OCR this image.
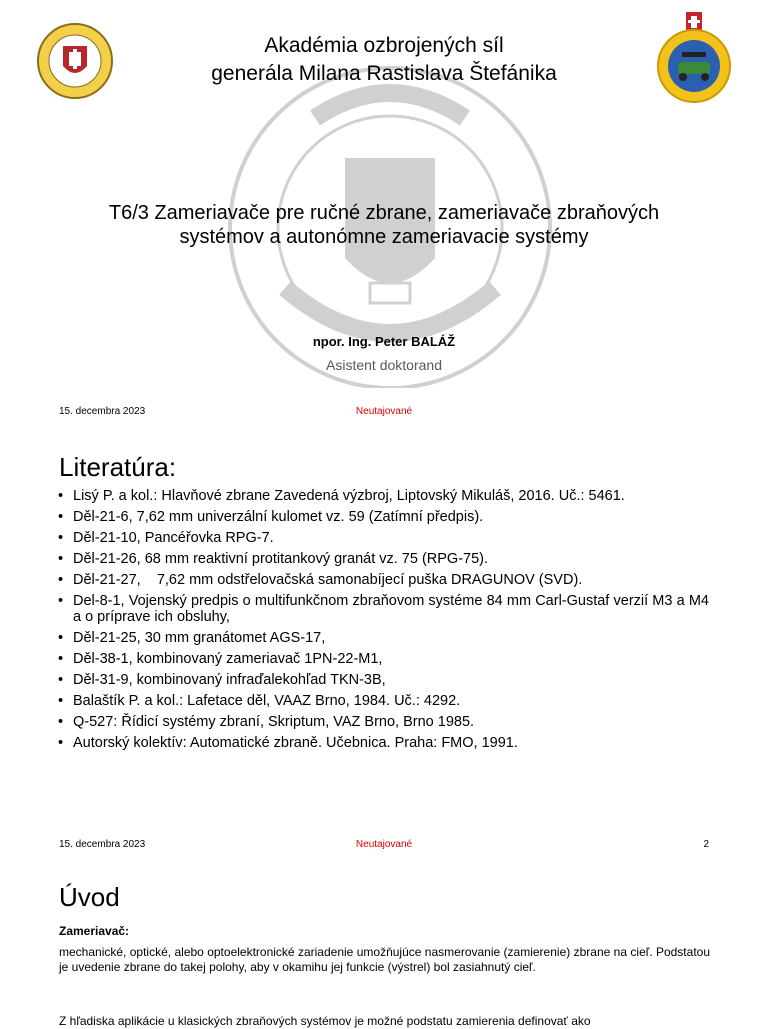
Akadémia ozbrojených síl
generála Milana Rastislava Štefánika
T6/3 Zameriavače pre ručné zbrane, zameriavače zbraňových
systémov a autonómne zameriavacie systémy
npor. Ing. Peter BALÁŽ
Asistent doktorand
15. decembra 2023	Neutajované
Literatúra:
• Lisý P. a kol.: Hlavňové zbrane Zavedená výzbroj, Liptovský Mikuláš, 2016. Uč.: 5461.
• Děl-21-6, 7,62 mm univerzální kulomet vz. 59 (Zatímní předpis).
• Děl-21-10, Pancéřovka RPG-7.
• Děl-21-26, 68 mm reaktivní protitankový granát vz. 75 (RPG-75).
• Děl-21-27,    7,62 mm odstřelovačská samonabíjecí puška DRAGUNOV (SVD).
• Del-8-1, Vojenský predpis o multifunkčnom zbraňovom systéme 84 mm Carl-Gustaf verzií M3 a M4 a o príprave ich obsluhy,
• Děl-21-25, 30 mm granátomet AGS-17,
• Děl-38-1, kombinovaný zameriavač 1PN-22-M1,
• Děl-31-9, kombinovaný infraďalekohľad TKN-3B,
• Balaštík P. a kol.: Lafetace děl, VAAZ Brno, 1984. Uč.: 4292.
• Q-527: Řídicí systémy zbraní, Skriptum, VAZ Brno, Brno 1985.
• Autorský kolektív: Automatické zbraně. Učebnica. Praha: FMO, 1991.
15. decembra 2023	Neutajované	2
Úvod
Zameriavač:
mechanické, optické, alebo optoelektronické zariadenie umožňujúce nasmerovanie (zamierenie) zbrane na cieľ. Podstatou je uvedenie zbrane do takej polohy, aby v okamihu jej funkcie (výstrel) bol zasiahnutý cieľ.
Z hľadiska aplikácie u klasických zbraňových systémov je možné podstatu zamierenia definovať ako
